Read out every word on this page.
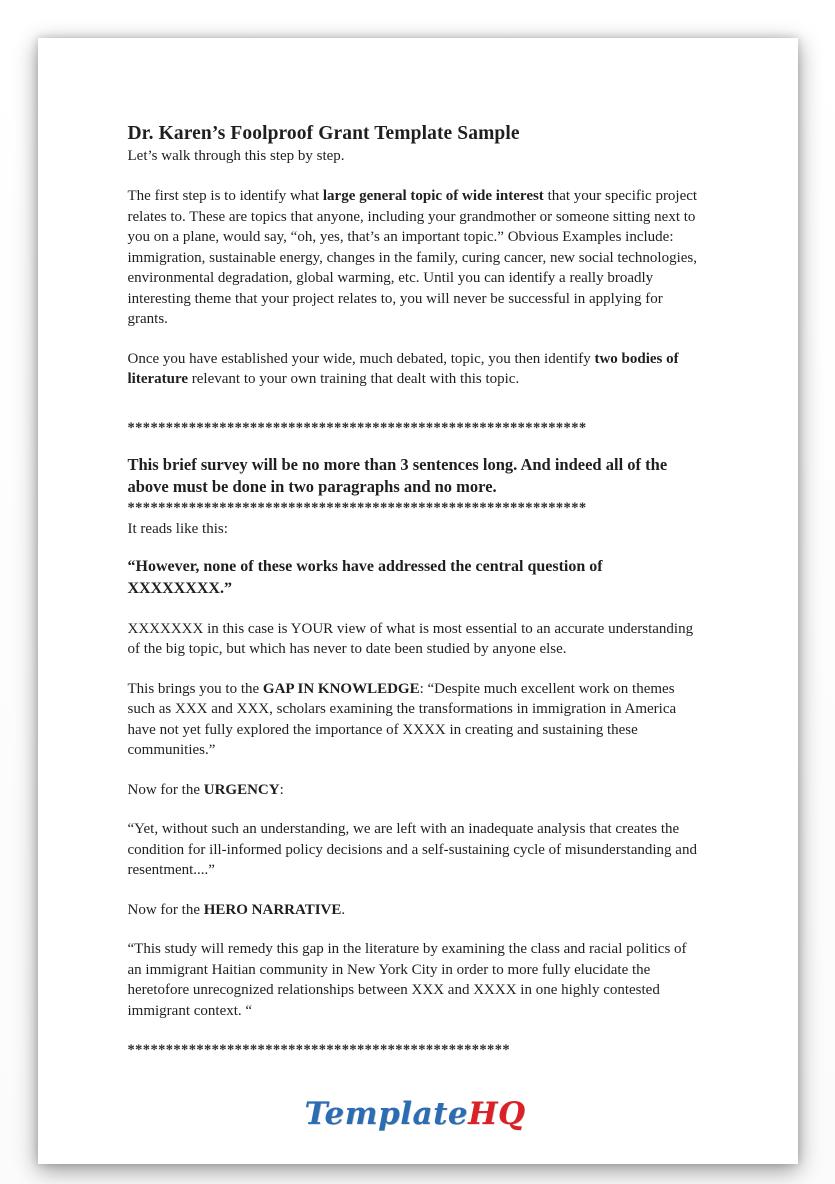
Dr. Karen’s Foolproof Grant Template Sample
Let’s walk through this step by step.

The first step is to identify what large general topic of wide interest that your specific project relates to. These are topics that anyone, including your grandmother or someone sitting next to you on a plane, would say, “oh, yes, that’s an important topic.” Obvious Examples include: immigration, sustainable energy, changes in the family, curing cancer, new social technologies, environmental degradation, global warming, etc. Until you can identify a really broadly interesting theme that your project relates to, you will never be successful in applying for grants.

Once you have established your wide, much debated, topic, you then identify two bodies of literature relevant to your own training that dealt with this topic.

************************************************************
This brief survey will be no more than 3 sentences long. And indeed all of the above must be done in two paragraphs and no more.
************************************************************
It reads like this:

“However, none of these works have addressed the central question of XXXXXXXX.”

XXXXXXX in this case is YOUR view of what is most essential to an accurate understanding of the big topic, but which has never to date been studied by anyone else.

This brings you to the GAP IN KNOWLEDGE: “Despite much excellent work on themes such as XXX and XXX, scholars examining the transformations in immigration in America have not yet fully explored the importance of XXXX in creating and sustaining these communities.”

Now for the URGENCY:

“Yet, without such an understanding, we are left with an inadequate analysis that creates the condition for ill-informed policy decisions and a self-sustaining cycle of misunderstanding and resentment....”

Now for the HERO NARRATIVE.

“This study will remedy this gap in the literature by examining the class and racial politics of an immigrant Haitian community in New York City in order to more fully elucidate the heretofore unrecognized relationships between XXX and XXXX in one highly contested immigrant context. “

**************************************************
TemplateHQ
